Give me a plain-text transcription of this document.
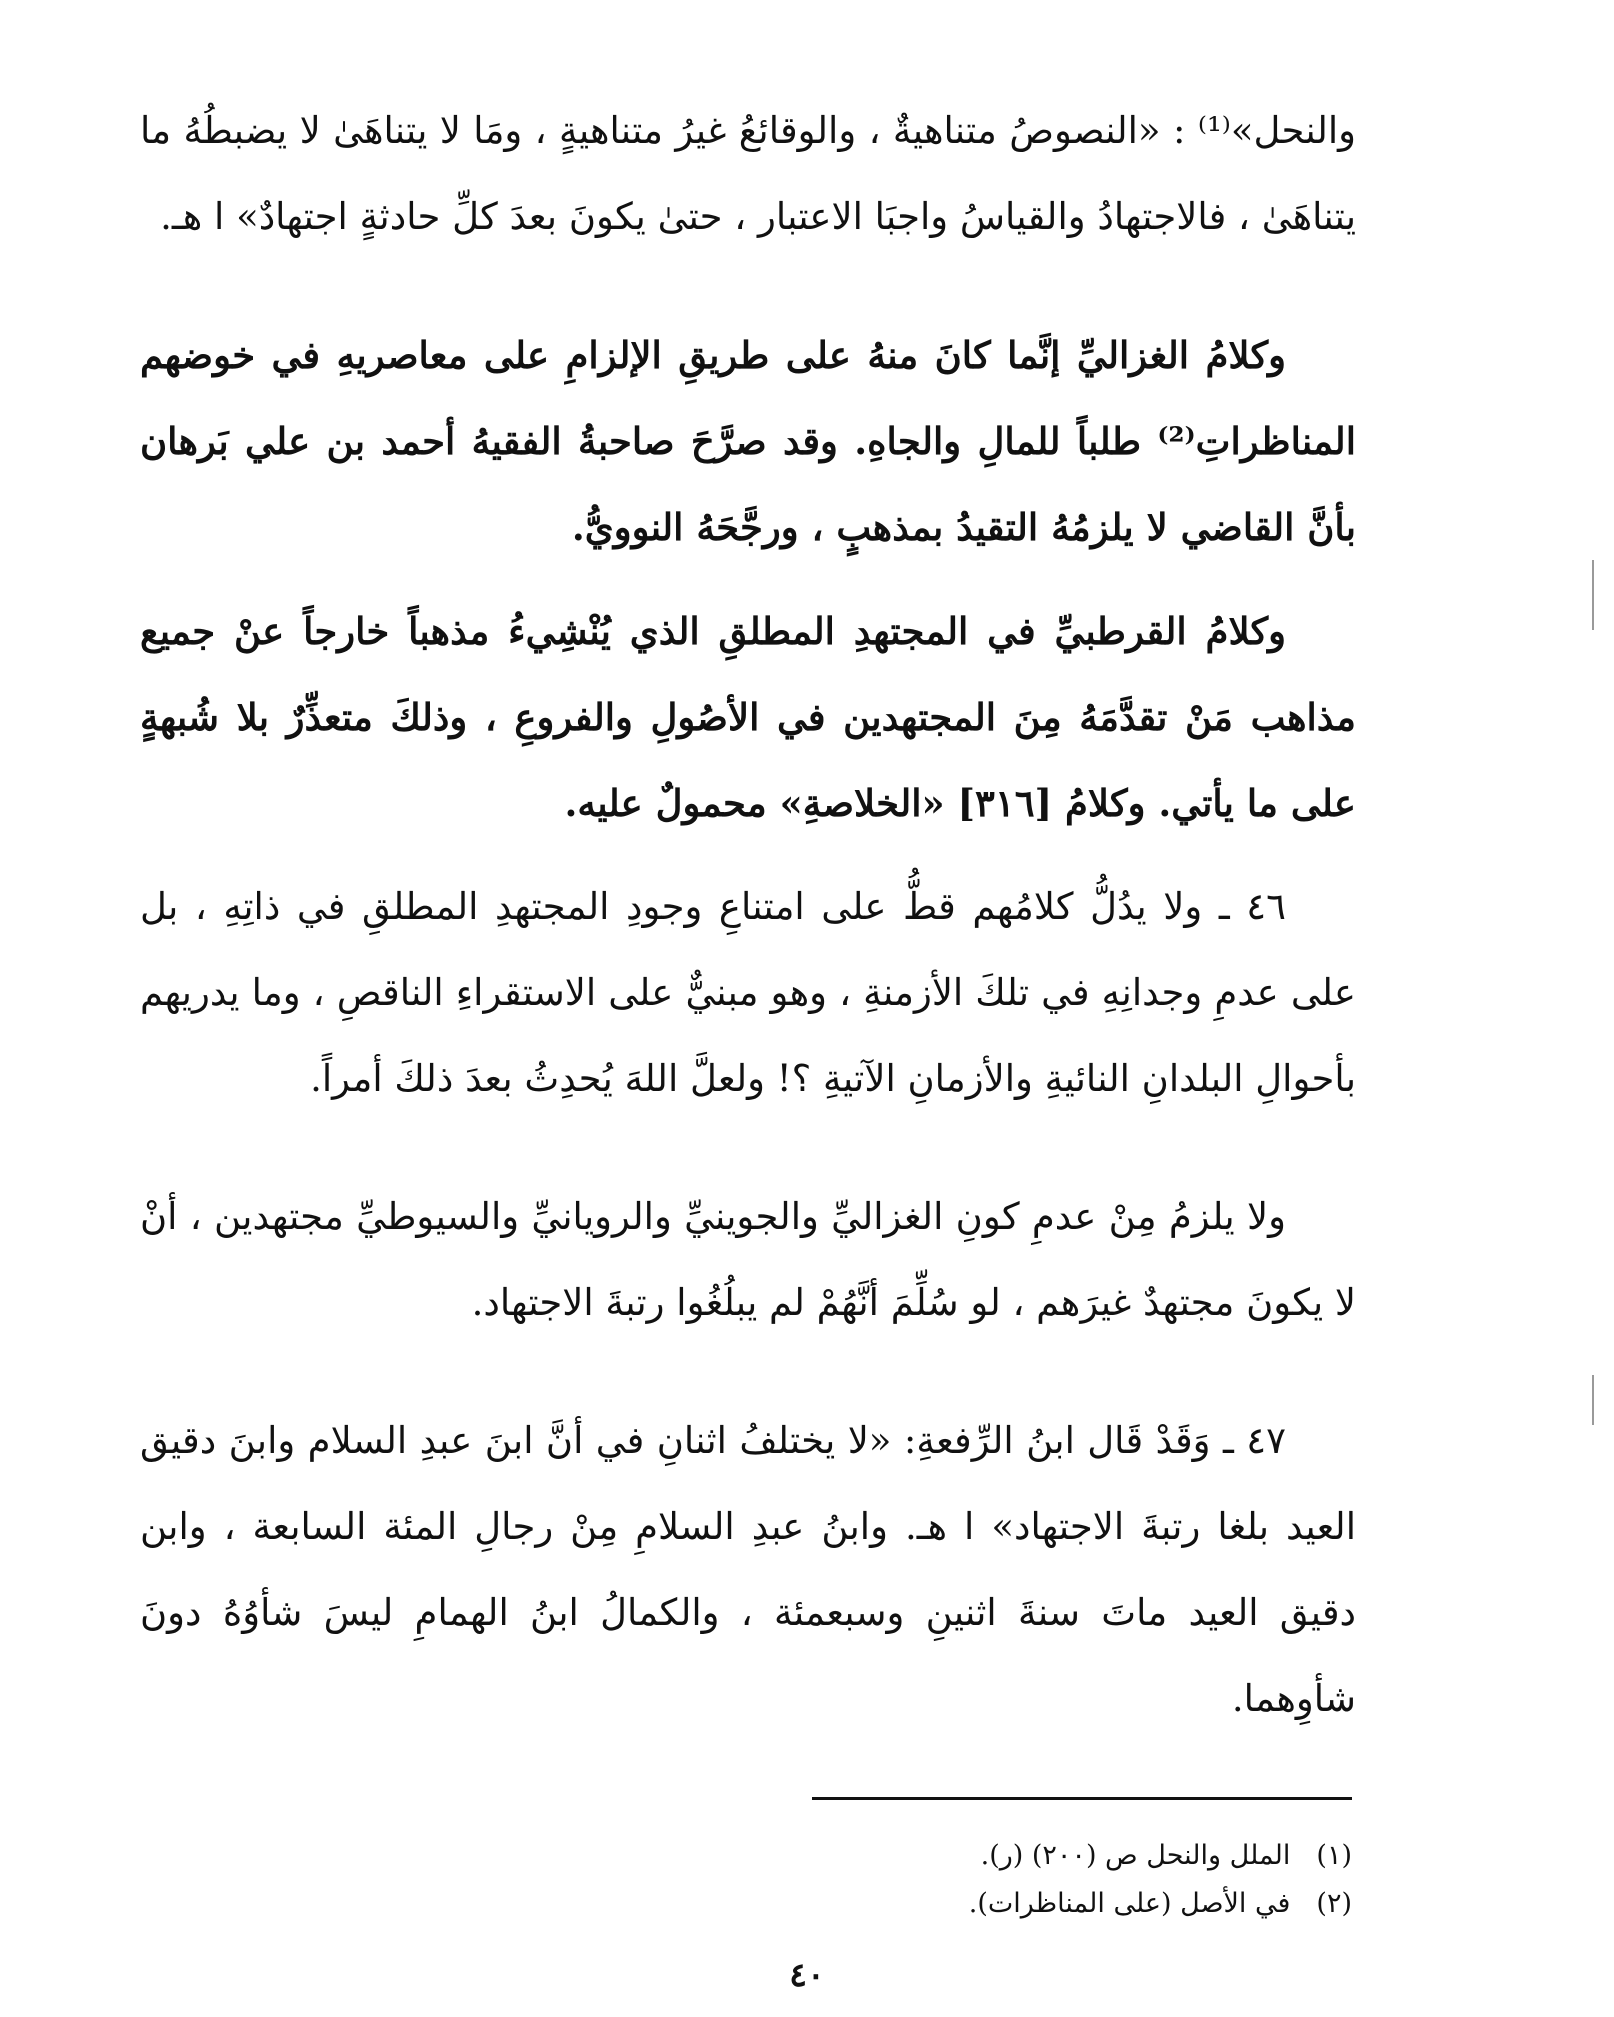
والنحل»⁽¹⁾ : «النصوصُ متناهيةٌ ، والوقائعُ غيرُ متناهيةٍ ، ومَا لا يتناهَىٰ لا يضبطُهُ ما يتناهَىٰ ، فالاجتهادُ والقياسُ واجبَا الاعتبار ، حتىٰ يكونَ بعدَ كلِّ حادثةٍ اجتهادٌ» ا هـ.

وكلامُ الغزاليِّ إنَّما كانَ منهُ على طريقِ الإلزامِ على معاصريهِ في خوضهم المناظراتِ⁽²⁾ طلباً للمالِ والجاهِ. وقد صرَّحَ صاحبةُ الفقيهُ أحمد بن علي بَرهان بأنَّ القاضي لا يلزمُهُ التقيدُ بمذهبٍ ، ورجَّحَهُ النوويُّ.

وكلامُ القرطبيِّ في المجتهدِ المطلقِ الذي يُنْشِيءُ مذهباً خارجاً عنْ جميع مذاهب مَنْ تقدَّمَهُ مِنَ المجتهدين في الأصُولِ والفروعِ ، وذلكَ متعذِّرٌ بلا شُبهةٍ على ما يأتي. وكلامُ [٣١٦] «الخلاصةِ» محمولٌ عليه.

٤٦ ـ ولا يدُلُّ كلامُهم قطُّ على امتناعِ وجودِ المجتهدِ المطلقِ في ذاتِهِ ، بل على عدمِ وجدانِهِ في تلكَ الأزمنةِ ، وهو مبنيٌّ على الاستقراءِ الناقصِ ، وما يدريهم بأحوالِ البلدانِ النائيةِ والأزمانِ الآتيةِ ؟! ولعلَّ اللهَ يُحدِثُ بعدَ ذلكَ أمراً.

ولا يلزمُ مِنْ عدمِ كونِ الغزاليِّ والجوينيِّ والرويانيِّ والسيوطيِّ مجتهدين ، أنْ لا يكونَ مجتهدٌ غيرَهم ، لو سُلِّمَ أنَّهُمْ لم يبلُغُوا رتبةَ الاجتهاد.

٤٧ ـ وَقَدْ قَال ابنُ الرِّفعةِ: «لا يختلفُ اثنانِ في أنَّ ابنَ عبدِ السلام وابنَ دقيق العيد بلغا رتبةَ الاجتهاد» ا هـ. وابنُ عبدِ السلامِ مِنْ رجالِ المئة السابعة ، وابن دقيق العيد ماتَ سنةَ اثنينِ وسبعمئة ، والكمالُ ابنُ الهمامِ ليسَ شأوُهُ دونَ شأوِهما.

(١)الملل والنحل ص (٢٠٠) (ر).
(٢)في الأصل (على المناظرات).
٤٠
